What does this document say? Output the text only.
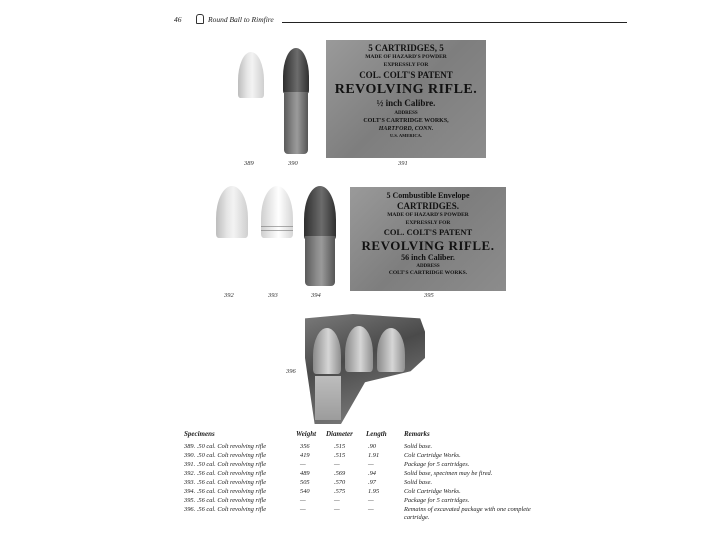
46	Round Ball to Rimfire
5 CARTRIDGES, 5
MADE OF HAZARD'S POWDER
EXPRESSLY FOR
COL. COLT'S PATENT
REVOLVING RIFLE.
½ inch Calibre.
ADDRESS
COLT'S CARTRIDGE WORKS,
HARTFORD, CONN.
U.S. AMERICA.
389	390	391
5 Combustible Envelope
CARTRIDGES.
MADE OF HAZARD'S POWDER
EXPRESSLY FOR
COL. COLT'S PATENT
REVOLVING RIFLE.
56 inch Caliber.
ADDRESS
COLT'S CARTRIDGE WORKS.
392	393	394	395
396
Specimens	Weight Diameter Length Remarks
389. .50 cal. Colt revolving rifle	356	.515	.90	Solid base.
390. .50 cal. Colt revolving rifle	419	.515	1.91	Colt Cartridge Works.
391. .50 cal. Colt revolving rifle	—	—	—	Package for 5 cartridges.
392. .56 cal. Colt revolving rifle	489	.569	.94	Solid base, specimen may be fired.
393. .56 cal. Colt revolving rifle	505	.570	.97	Solid base.
394. .56 cal. Colt revolving rifle	540	.575	1.95	Colt Cartridge Works.
395. .56 cal. Colt revolving rifle	—	—	—	Package for 5 cartridges.
396. .56 cal. Colt revolving rifle	—	—	—	Remains of excavated package with one complete cartridge.
